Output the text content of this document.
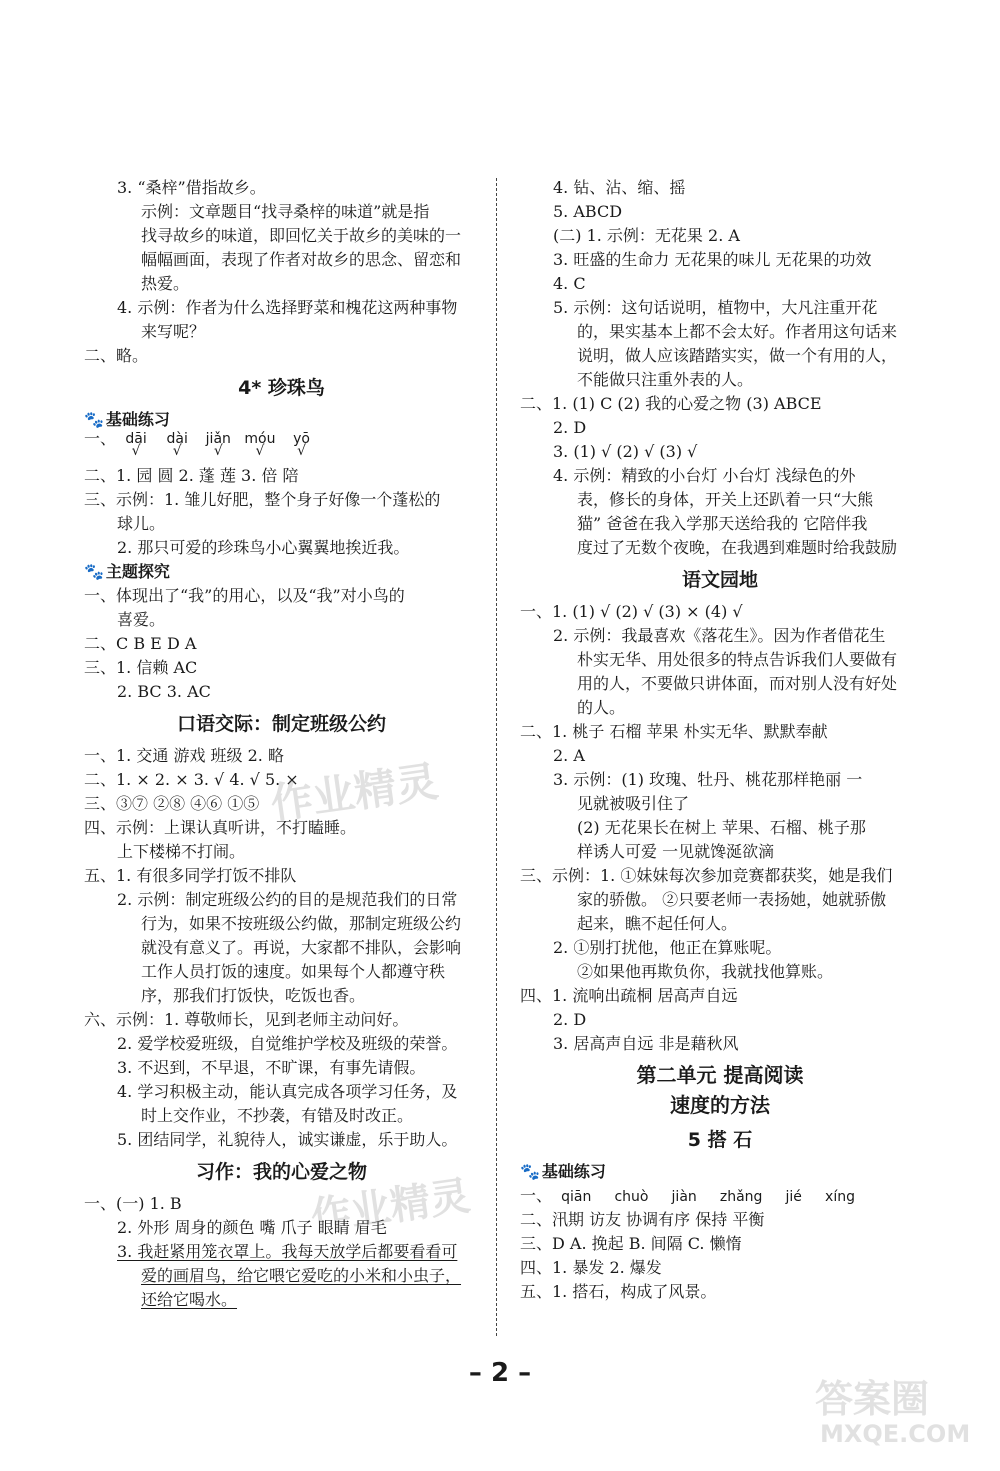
3. “桑梓”借指故乡。
示例：文章题目“找寻桑梓的味道”就是指
找寻故乡的味道，即回忆关于故乡的美味的一
幅幅画面，表现了作者对故乡的思念、留恋和
热爱。
4. 示例：作者为什么选择野菜和槐花这两种事物
来写呢？
二、略。
4* 珍珠鸟
🐾 基础练习
一、 dāi
√

dài
√

jiǎn
√

móu
√

yō
√
二、1. 园 圆 2. 蓬 莲 3. 倍 陪
三、示例：1. 雏儿好肥，整个身子好像一个蓬松的
球儿。
2. 那只可爱的珍珠鸟小心翼翼地挨近我。
🐾 主题探究
一、体现出了“我”的用心，以及“我”对小鸟的
喜爱。
二、C B E D A
三、1. 信赖 AC
2. BC 3. AC
口语交际：制定班级公约
一、1. 交通 游戏 班级 2. 略
二、1. × 2. × 3. √ 4. √ 5. ×
三、③⑦ ②⑧ ④⑥ ①⑤
四、示例：上课认真听讲，不打瞌睡。
上下楼梯不打闹。
五、1. 有很多同学打饭不排队
2. 示例：制定班级公约的目的是规范我们的日常
行为，如果不按班级公约做，那制定班级公约
就没有意义了。再说，大家都不排队，会影响
工作人员打饭的速度。如果每个人都遵守秩
序，那我们打饭快，吃饭也香。
六、示例：1. 尊敬师长，见到老师主动问好。
2. 爱学校爱班级，自觉维护学校及班级的荣誉。
3. 不迟到，不早退，不旷课，有事先请假。
4. 学习积极主动，能认真完成各项学习任务，及
时上交作业，不抄袭，有错及时改正。
5. 团结同学，礼貌待人，诚实谦虚，乐于助人。
习作：我的心爱之物
一、(一) 1. B
2. 外形 周身的颜色 嘴 爪子 眼睛 眉毛
3. 我赶紧用笼衣罩上。我每天放学后都要看看可
爱的画眉鸟，给它喂它爱吃的小米和小虫子，
还给它喝水。
4. 钻、沾、缩、摇
5. ABCD
(二) 1. 示例：无花果 2. A
3. 旺盛的生命力 无花果的味儿 无花果的功效
4. C
5. 示例：这句话说明，植物中，大凡注重开花
的，果实基本上都不会太好。作者用这句话来
说明，做人应该踏踏实实，做一个有用的人，
不能做只注重外表的人。
二、1. (1) C (2) 我的心爱之物 (3) ABCE
2. D
3. (1) √ (2) √ (3) √
4. 示例：精致的小台灯 小台灯 浅绿色的外
表，修长的身体，开关上还趴着一只“大熊
猫” 爸爸在我入学那天送给我的 它陪伴我
度过了无数个夜晚，在我遇到难题时给我鼓励
语文园地
一、1. (1) √ (2) √ (3) × (4) √
2. 示例：我最喜欢《落花生》。因为作者借花生
朴实无华、用处很多的特点告诉我们人要做有
用的人，不要做只讲体面，而对别人没有好处
的人。
二、1. 桃子 石榴 苹果 朴实无华、默默奉献
2. A
3. 示例：(1) 玫瑰、牡丹、桃花那样艳丽 一
见就被吸引住了
(2) 无花果长在树上 苹果、石榴、桃子那
样诱人可爱 一见就馋涎欲滴
三、示例：1. ①妹妹每次参加竞赛都获奖，她是我们
家的骄傲。 ②只要老师一表扬她，她就骄傲
起来，瞧不起任何人。
2. ①别打扰他，他正在算账呢。
②如果他再欺负你，我就找他算账。
四、1. 流响出疏桐 居高声自远
2. D
3. 居高声自远 非是藉秋风
第二单元 提高阅读
速度的方法
5 搭 石
🐾 基础练习
一、 qiān chuò jiàn zhǎng jié xíng
二、汛期 访友 协调有序 保持 平衡
三、D A. 挽起 B. 间隔 C. 懒惰
四、1. 暴发 2. 爆发
五、1. 搭石，构成了风景。
– 2 –
作业精灵
作业精灵
答案圈
MXQE.COM
